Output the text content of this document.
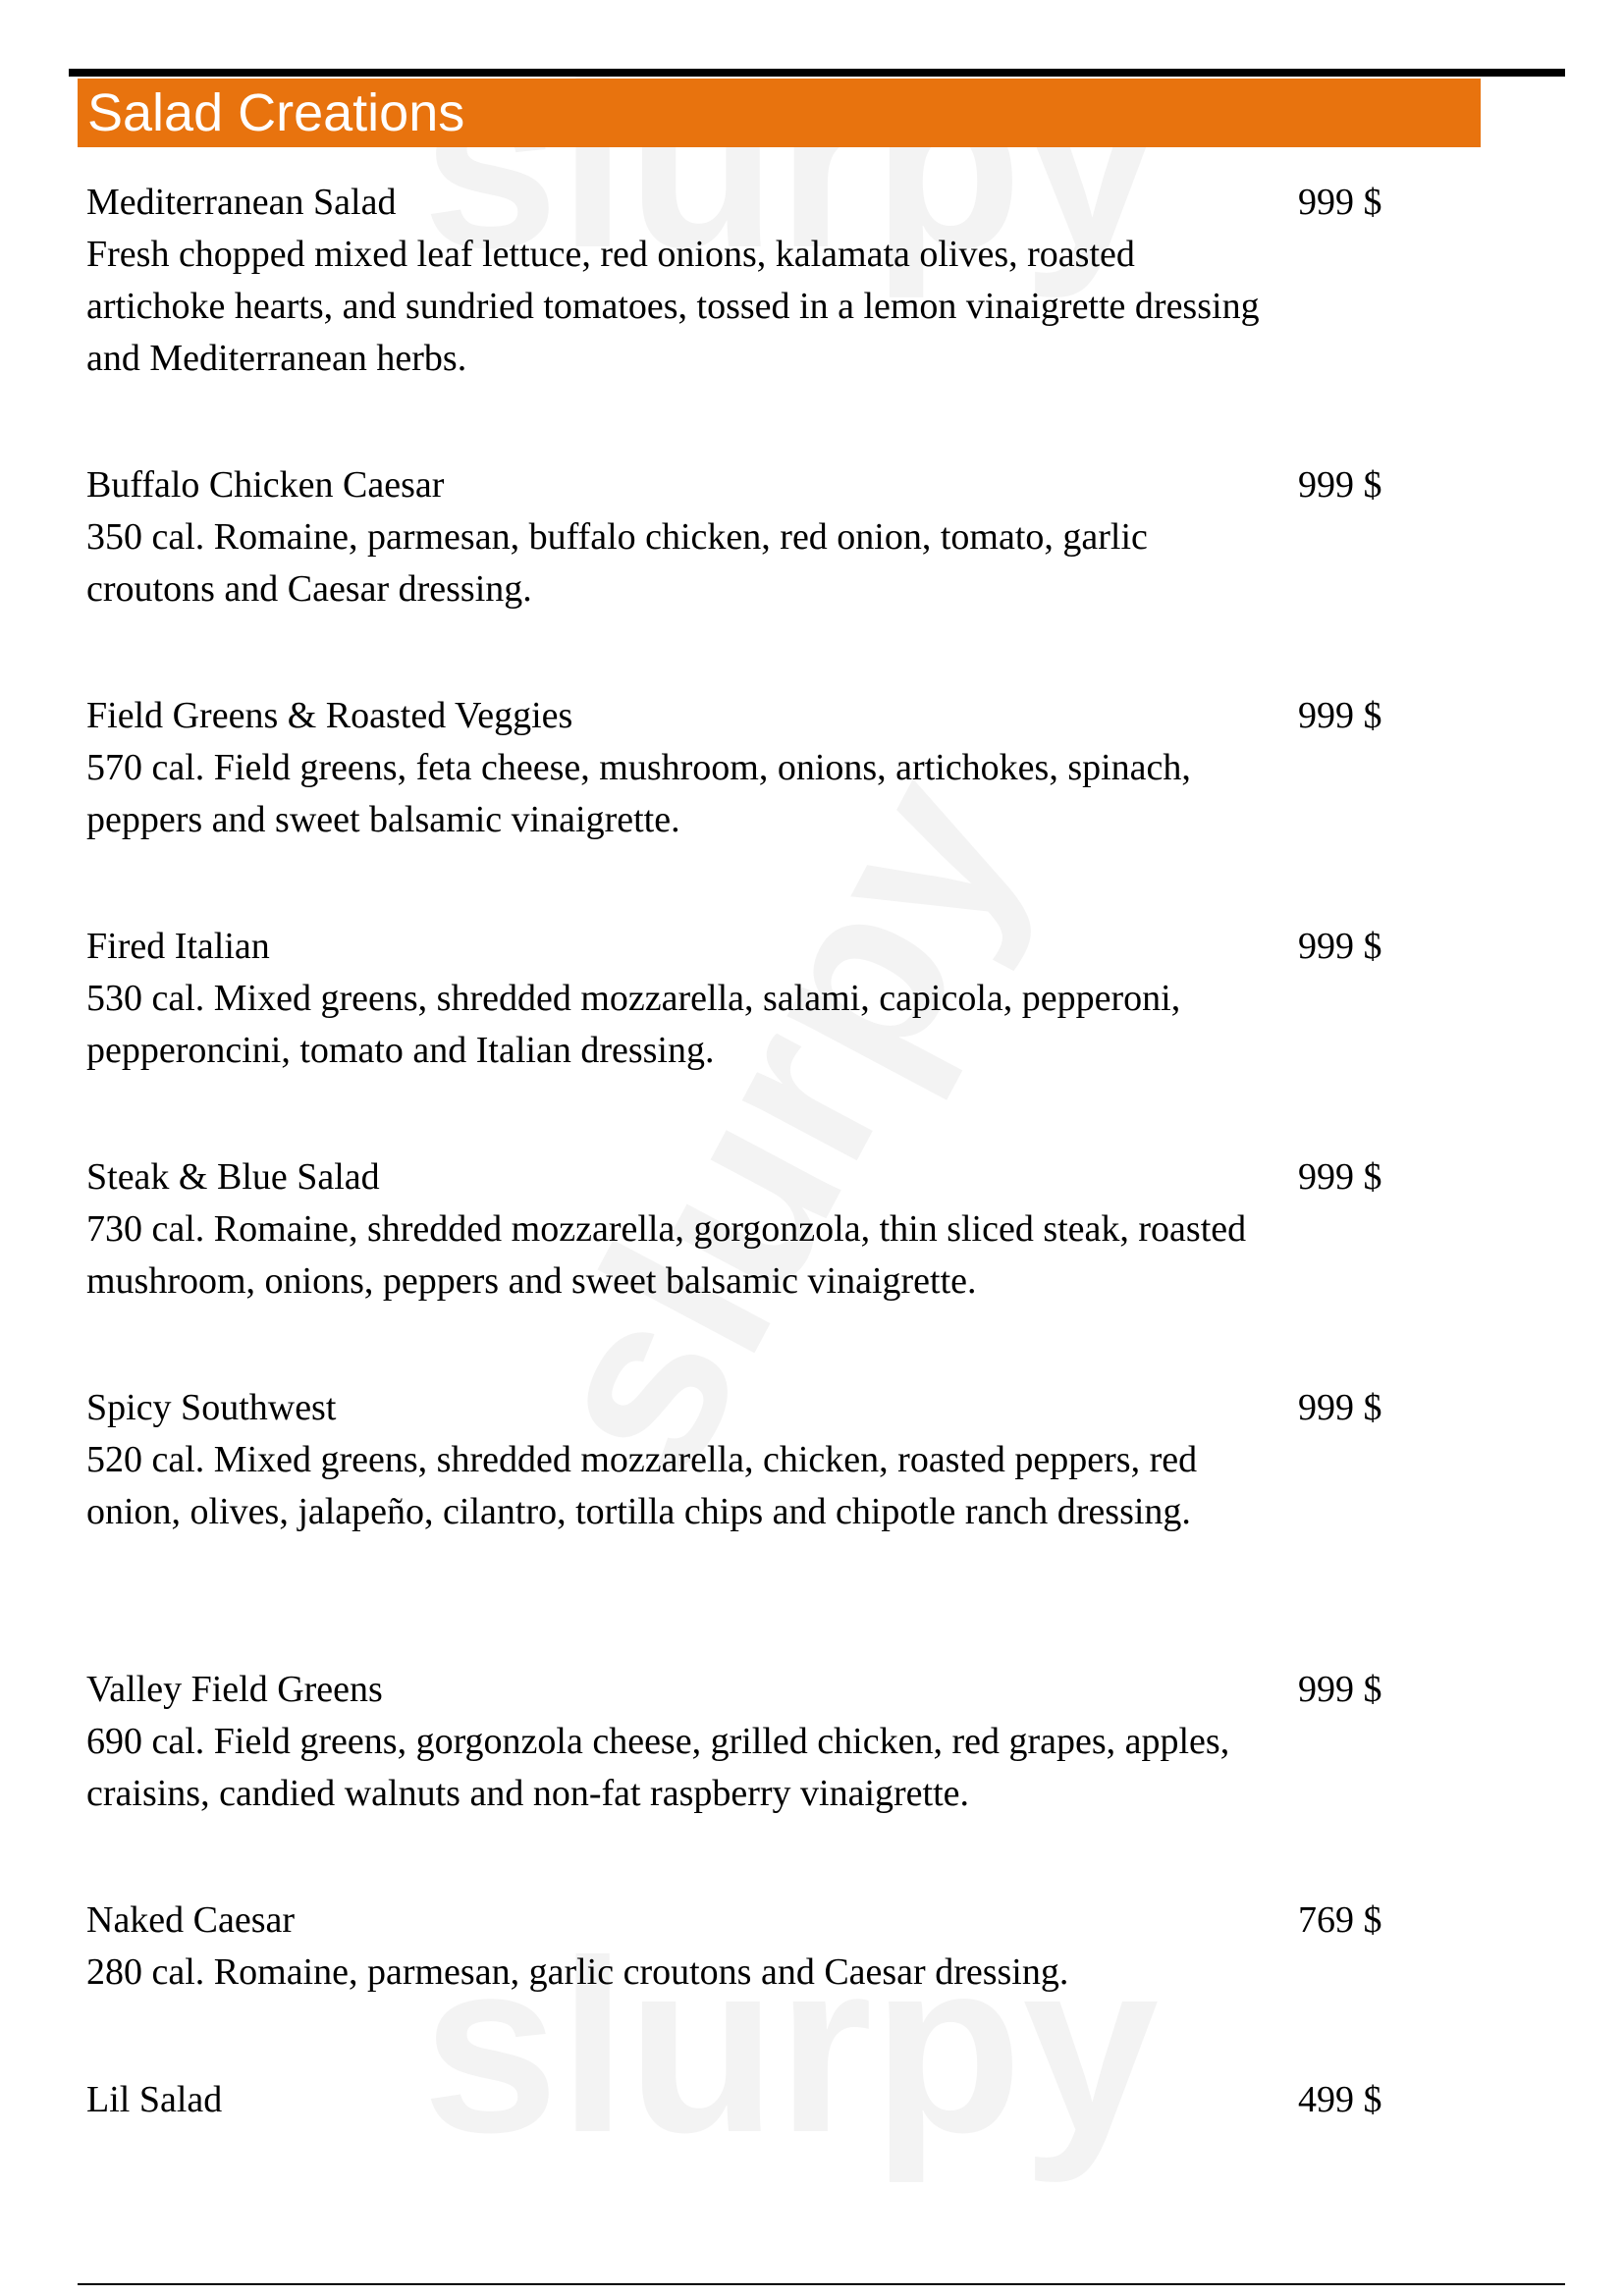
Salad Creations
Mediterranean Salad
Fresh chopped mixed leaf lettuce, red onions, kalamata olives, roasted artichoke hearts, and sundried tomatoes, tossed in a lemon vinaigrette dressing and Mediterranean herbs.
999 $
Buffalo Chicken Caesar
350 cal. Romaine, parmesan, buffalo chicken, red onion, tomato, garlic croutons and Caesar dressing.
999 $
Field Greens & Roasted Veggies
570 cal. Field greens, feta cheese, mushroom, onions, artichokes, spinach, peppers and sweet balsamic vinaigrette.
999 $
Fired Italian
530 cal. Mixed greens, shredded mozzarella, salami, capicola, pepperoni, pepperoncini, tomato and Italian dressing.
999 $
Steak & Blue Salad
730 cal. Romaine, shredded mozzarella, gorgonzola, thin sliced steak, roasted mushroom, onions, peppers and sweet balsamic vinaigrette.
999 $
Spicy Southwest
520 cal. Mixed greens, shredded mozzarella, chicken, roasted peppers, red onion, olives, jalapeño, cilantro, tortilla chips and chipotle ranch dressing.
999 $
Valley Field Greens
690 cal. Field greens, gorgonzola cheese, grilled chicken, red grapes, apples, craisins, candied walnuts and non-fat raspberry vinaigrette.
999 $
Naked Caesar
280 cal. Romaine, parmesan, garlic croutons and Caesar dressing.
769 $
Lil Salad	499 $
